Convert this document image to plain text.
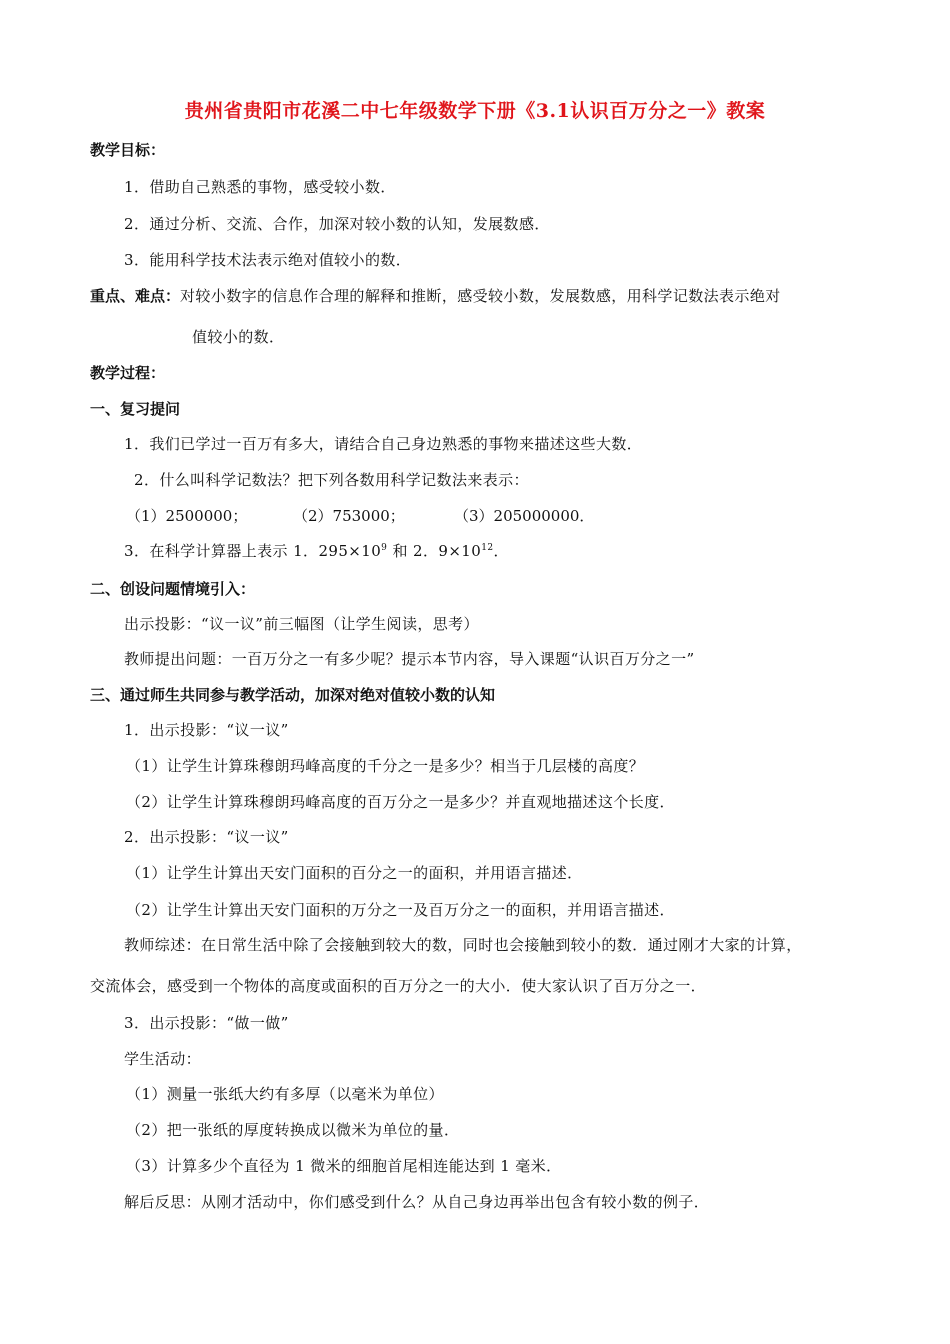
贵州省贵阳市花溪二中七年级数学下册《3.1认识百万分之一》教案
教学目标：
1．借助自己熟悉的事物，感受较小数．
2．通过分析、交流、合作，加深对较小数的认知，发展数感．
3．能用科学技术法表示绝对值较小的数．
重点、难点：对较小数字的信息作合理的解释和推断，感受较小数，发展数感，用科学记数法表示绝对
值较小的数．
教学过程：
一、复习提问
1．我们已学过一百万有多大，请结合自己身边熟悉的事物来描述这些大数．
2．什么叫科学记数法？把下列各数用科学记数法来表示：
（1）2500000；	（2）753000；	（3）205000000．
3．在科学计算器上表示 1．$295\times 10^9$ 和 2．$9\times 10^{12}$．
二、创设问题情境引入：
出示投影：“议一议”前三幅图（让学生阅读，思考）
教师提出问题：一百万分之一有多少呢？提示本节内容，导入课题“认识百万分之一”
三、通过师生共同参与教学活动，加深对绝对值较小数的认知
1．出示投影：“议一议”
（1）让学生计算珠穆朗玛峰高度的千分之一是多少？相当于几层楼的高度？
（2）让学生计算珠穆朗玛峰高度的百万分之一是多少？并直观地描述这个长度．
2．出示投影：“议一议”
（1）让学生计算出天安门面积的百分之一的面积，并用语言描述．
（2）让学生计算出天安门面积的万分之一及百万分之一的面积，并用语言描述．
教师综述：在日常生活中除了会接触到较大的数，同时也会接触到较小的数．通过刚才大家的计算，
交流体会，感受到一个物体的高度或面积的百万分之一的大小．使大家认识了百万分之一．
3．出示投影：“做一做”
学生活动：
（1）测量一张纸大约有多厚（以毫米为单位）
（2）把一张纸的厚度转换成以微米为单位的量．
（3）计算多少个直径为 1 微米的细胞首尾相连能达到 1 毫米．
解后反思：从刚才活动中，你们感受到什么？从自己身边再举出包含有较小数的例子．
